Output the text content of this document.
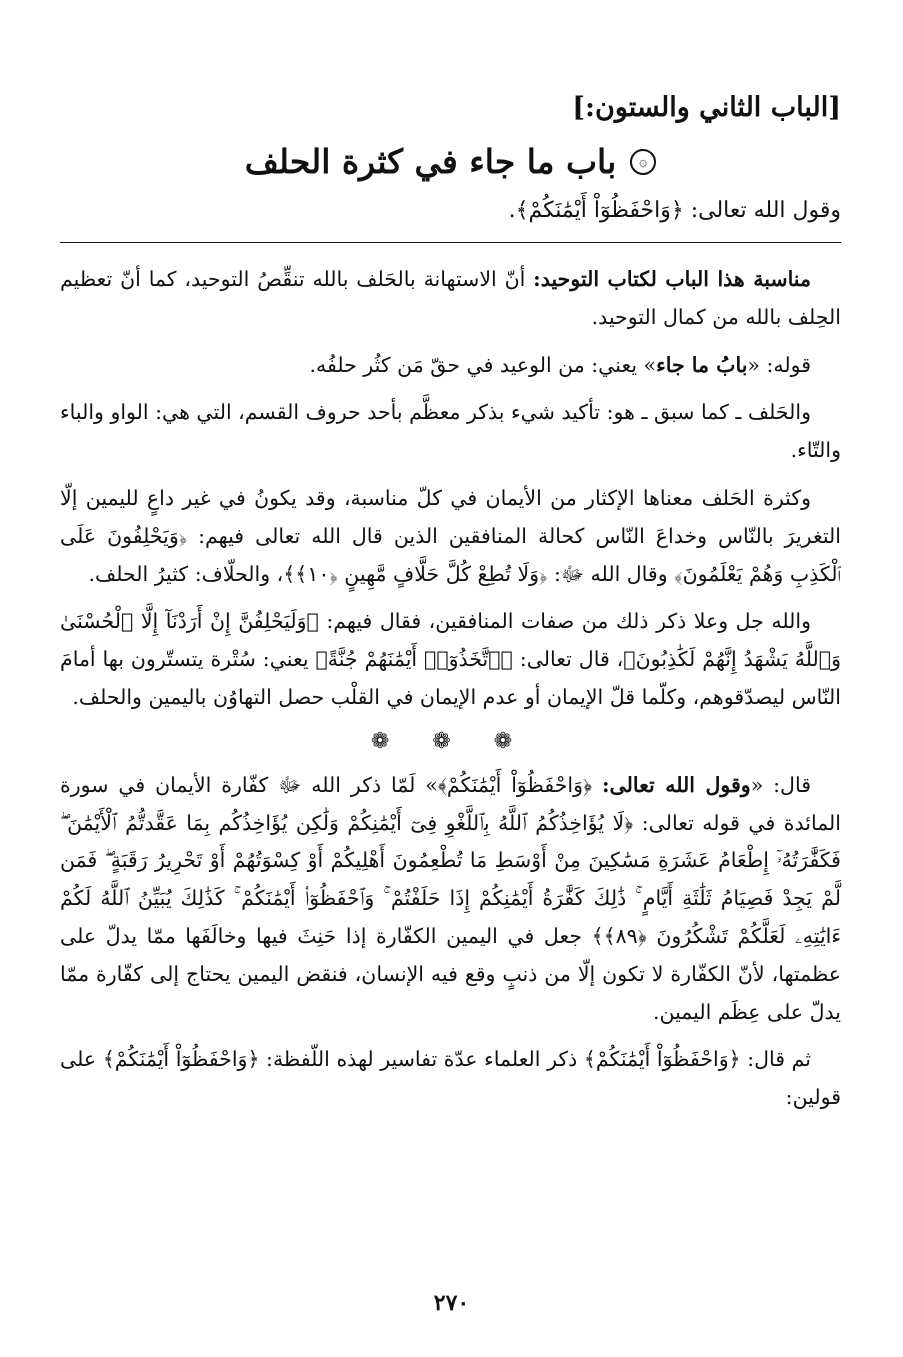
[الباب الثاني والستون:]
۞
باب ما جاء في كثرة الحلف

وقول الله تعالى: ﴿وَاحْفَظُوٓاْ أَيْمَٰنَكُمْ﴾.

مناسبة هذا الباب لكتاب التوحيد: أنّ الاستهانة بالحَلف بالله تنقِّصُ التوحيد، كما أنّ تعظيم الحِلف بالله من كمال التوحيد.

قوله: «بابُ ما جاء» يعني: من الوعيد في حقّ مَن كثُر حلفُه.

والحَلف ـ كما سبق ـ هو: تأكيد شيء بذكر معظَّم بأحد حروف القسم، التي هي: الواو والباء والتّاء.

وكثرة الحَلف معناها الإكثار من الأيمان في كلّ مناسبة، وقد يكونُ في غير داعٍ لليمين إلّا التغريرَ بالنّاس وخداعَ النّاس كحالة المنافقين الذين قال الله تعالى فيهم: ﴿وَيَحْلِفُونَ عَلَى ٱلْكَذِبِ وَهُمْ يَعْلَمُونَ﴾ وقال الله ﷻ: ﴿وَلَا تُطِعْ كُلَّ حَلَّافٍ مَّهِينٍ ﴿١٠﴾﴾، والحلّاف: كثيرُ الحلف.

والله جل وعلا ذكر ذلك من صفات المنافقين، فقال فيهم: ﴿وَلَيَحْلِفُنَّ إِنْ أَرَدْنَآ إِلَّا ٱلْحُسْنَىٰ وَٱللَّهُ يَشْهَدُ إِنَّهُمْ لَكَٰذِبُونَ﴾، قال تعالى: ﴿ٱتَّخَذُوٓا۟ أَيْمَٰنَهُمْ جُنَّةً﴾ يعني: سُتْرة يتستّرون بها أمامَ النّاس ليصدّقوهم، وكلّما قلّ الإيمان أو عدم الإيمان في القلْب حصل التهاوُن باليمين والحلف.

❁ ❁ ❁

قال: «وقول الله تعالى: ﴿وَاحْفَظُوٓاْ أَيْمَٰنَكُمْ﴾» لَمّا ذكر الله ﷻ كفّارة الأيمان في سورة المائدة في قوله تعالى: ﴿لَا يُؤَاخِذُكُمُ ٱللَّهُ بِٱللَّغْوِ فِىٓ أَيْمَٰنِكُمْ وَلَٰكِن يُؤَاخِذُكُم بِمَا عَقَّدتُّمُ ٱلْأَيْمَٰنَ ۖ فَكَفَّٰرَتُهُۥٓ إِطْعَامُ عَشَرَةِ مَسَٰكِينَ مِنْ أَوْسَطِ مَا تُطْعِمُونَ أَهْلِيكُمْ أَوْ كِسْوَتُهُمْ أَوْ تَحْرِيرُ رَقَبَةٍ ۖ فَمَن لَّمْ يَجِدْ فَصِيَامُ ثَلَٰثَةِ أَيَّامٍ ۚ ذَٰلِكَ كَفَّٰرَةُ أَيْمَٰنِكُمْ إِذَا حَلَفْتُمْ ۚ وَٱحْفَظُوٓا۟ أَيْمَٰنَكُمْ ۚ كَذَٰلِكَ يُبَيِّنُ ٱللَّهُ لَكُمْ ءَايَٰتِهِۦ لَعَلَّكُمْ تَشْكُرُونَ ﴿٨٩﴾﴾ جعل في اليمين الكفّارة إذا حَنِثَ فيها وخالَفَها ممّا يدلّ على عظمتها، لأنّ الكفّارة لا تكون إلّا من ذنبٍ وقع فيه الإنسان، فنقض اليمين يحتاج إلى كفّارة ممّا يدلّ على عِظَم اليمين.

ثم قال: ﴿وَاحْفَظُوٓاْ أَيْمَٰنَكُمْ﴾ ذكر العلماء عدّة تفاسير لهذه اللّفظة: ﴿وَاحْفَظُوٓاْ أَيْمَٰنَكُمْ﴾ على قولين:

٢٧٠
